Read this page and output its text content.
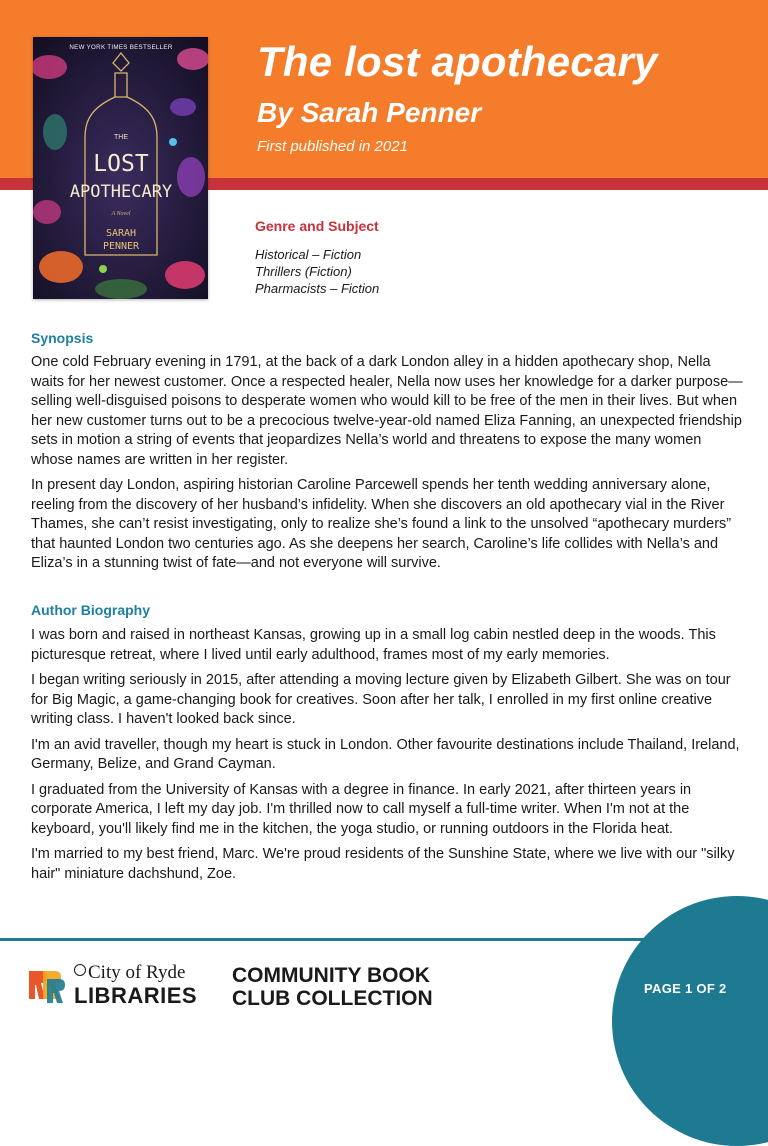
NEW YORK TIMES BESTSELLER
THE
LOST
APOTHECARY
A Novel
SARAH
PENNER
The lost apothecary
By Sarah Penner

First published in 2021

Genre and Subject
Historical – Fiction
Thrillers (Fiction)
Pharmacists – Fiction
Synopsis

One cold February evening in 1791, at the back of a dark London alley in a hidden apothecary shop, Nella waits for her newest customer. Once a respected healer, Nella now uses her knowledge for a darker purpose—selling well-disguised poisons to desperate women who would kill to be free of the men in their lives. But when her new customer turns out to be a precocious twelve-year-old named Eliza Fanning, an unexpected friendship sets in motion a string of events that jeopardizes Nella’s world and threatens to expose the many women whose names are written in her register.

In present day London, aspiring historian Caroline Parcewell spends her tenth wedding anniversary alone, reeling from the discovery of her husband’s infidelity. When she discovers an old apothecary vial in the River Thames, she can’t resist investigating, only to realize she’s found a link to the unsolved “apothecary murders” that haunted London two centuries ago. As she deepens her search, Caroline’s life collides with Nella’s and Eliza’s in a stunning twist of fate—and not everyone will survive.

Author Biography

I was born and raised in northeast Kansas, growing up in a small log cabin nestled deep in the woods. This picturesque retreat, where I lived until early adulthood, frames most of my early memories.

I began writing seriously in 2015, after attending a moving lecture given by Elizabeth Gilbert. She was on tour for Big Magic, a game-changing book for creatives. Soon after her talk, I enrolled in my first online creative writing class. I haven't looked back since.

I'm an avid traveller, though my heart is stuck in London. Other favourite destinations include Thailand, Ireland, Germany, Belize, and Grand Cayman.

I graduated from the University of Kansas with a degree in finance. In early 2021, after thirteen years in corporate America, I left my day job. I'm thrilled now to call myself a full-time writer. When I'm not at the keyboard, you'll likely find me in the kitchen, the yoga studio, or running outdoors in the Florida heat.

I'm married to my best friend, Marc. We're proud residents of the Sunshine State, where we live with our "silky hair" miniature dachshund, Zoe.

City of Ryde
LIBRARIES
COMMUNITY BOOK
CLUB COLLECTION	PAGE 1 OF 2
